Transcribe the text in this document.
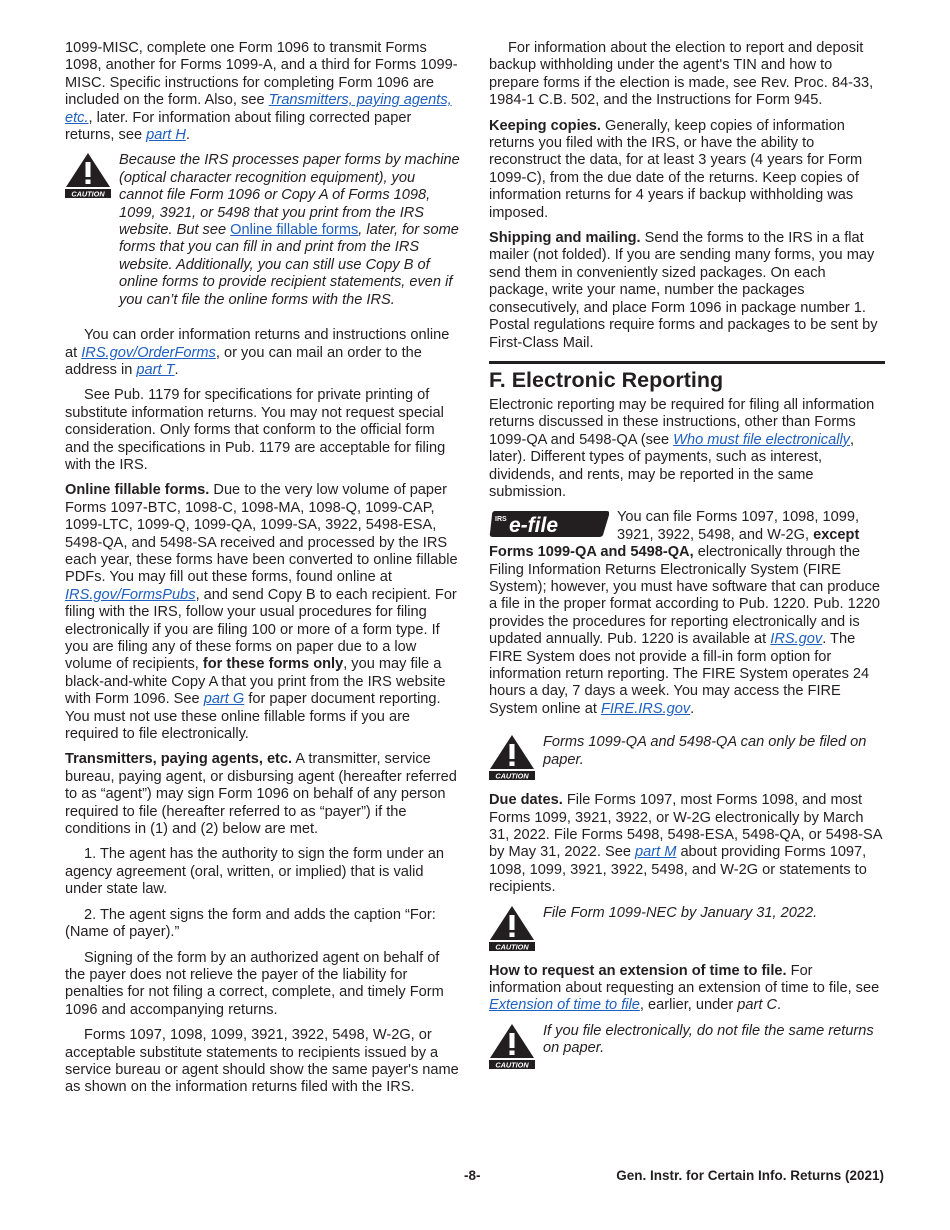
1099-MISC, complete one Form 1096 to transmit Forms 1098, another for Forms 1099-A, and a third for Forms 1099-MISC. Specific instructions for completing Form 1096 are included on the form. Also, see Transmitters, paying agents, etc., later. For information about filing corrected paper returns, see part H.

CAUTION
Because the IRS processes paper forms by machine (optical character recognition equipment), you cannot file Form 1096 or Copy A of Forms 1098, 1099, 3921, or 5498 that you print from the IRS website. But see Online fillable forms, later, for some forms that you can fill in and print from the IRS website. Additionally, you can still use Copy B of online forms to provide recipient statements, even if you can’t file the online forms with the IRS.

You can order information returns and instructions online at IRS.gov/OrderForms, or you can mail an order to the address in part T.

See Pub. 1179 for specifications for private printing of substitute information returns. You may not request special consideration. Only forms that conform to the official form and the specifications in Pub. 1179 are acceptable for filing with the IRS.

Online fillable forms. Due to the very low volume of paper Forms 1097-BTC, 1098-C, 1098-MA, 1098-Q, 1099-CAP, 1099-LTC, 1099-Q, 1099-QA, 1099-SA, 3922, 5498-ESA, 5498-QA, and 5498-SA received and processed by the IRS each year, these forms have been converted to online fillable PDFs. You may fill out these forms, found online at IRS.gov/FormsPubs, and send Copy B to each recipient. For filing with the IRS, follow your usual procedures for filing electronically if you are filing 100 or more of a form type. If you are filing any of these forms on paper due to a low volume of recipients, for these forms only, you may file a black-and-white Copy A that you print from the IRS website with Form 1096. See part G for paper document reporting. You must not use these online fillable forms if you are required to file electronically.

Transmitters, paying agents, etc. A transmitter, service bureau, paying agent, or disbursing agent (hereafter referred to as “agent”) may sign Form 1096 on behalf of any person required to file (hereafter referred to as “payer”) if the conditions in (1) and (2) below are met.

1. The agent has the authority to sign the form under an agency agreement (oral, written, or implied) that is valid under state law.

2. The agent signs the form and adds the caption “For: (Name of payer).”

Signing of the form by an authorized agent on behalf of the payer does not relieve the payer of the liability for penalties for not filing a correct, complete, and timely Form 1096 and accompanying returns.

Forms 1097, 1098, 1099, 3921, 3922, 5498, W-2G, or acceptable substitute statements to recipients issued by a service bureau or agent should show the same payer's name as shown on the information returns filed with the IRS.

For information about the election to report and deposit backup withholding under the agent's TIN and how to prepare forms if the election is made, see Rev. Proc. 84-33, 1984-1 C.B. 502, and the Instructions for Form 945.

Keeping copies. Generally, keep copies of information returns you filed with the IRS, or have the ability to reconstruct the data, for at least 3 years (4 years for Form 1099-C), from the due date of the returns. Keep copies of information returns for 4 years if backup withholding was imposed.

Shipping and mailing. Send the forms to the IRS in a flat mailer (not folded). If you are sending many forms, you may send them in conveniently sized packages. On each package, write your name, number the packages consecutively, and place Form 1096 in package number 1. Postal regulations require forms and packages to be sent by First-Class Mail.

F. Electronic Reporting

Electronic reporting may be required for filing all information returns discussed in these instructions, other than Forms 1099-QA and 5498-QA (see Who must file electronically, later). Different types of payments, such as interest, dividends, and rents, may be reported in the same submission.

IRS e-file	You can file Forms 1097, 1098, 1099, 3921, 3922, 5498, and W-2G, except Forms 1099-QA and 5498-QA, electronically through the Filing Information Returns Electronically System (FIRE System); however, you must have software that can produce a file in the proper format according to Pub. 1220. Pub. 1220 provides the procedures for reporting electronically and is updated annually. Pub. 1220 is available at IRS.gov. The FIRE System does not provide a fill-in form option for information return reporting. The FIRE System operates 24 hours a day, 7 days a week. You may access the FIRE System online at FIRE.IRS.gov.
CAUTION
Forms 1099-QA and 5498-QA can only be filed on paper.

Due dates. File Forms 1097, most Forms 1098, and most Forms 1099, 3921, 3922, or W-2G electronically by March 31, 2022. File Forms 5498, 5498-ESA, 5498-QA, or 5498-SA by May 31, 2022. See part M about providing Forms 1097, 1098, 1099, 3921, 3922, 5498, and W-2G or statements to recipients.

CAUTION
File Form 1099-NEC by January 31, 2022.

How to request an extension of time to file. For information about requesting an extension of time to file, see Extension of time to file, earlier, under part C.

CAUTION
If you file electronically, do not file the same returns on paper.
-8-	Gen. Instr. for Certain Info. Returns (2021)
